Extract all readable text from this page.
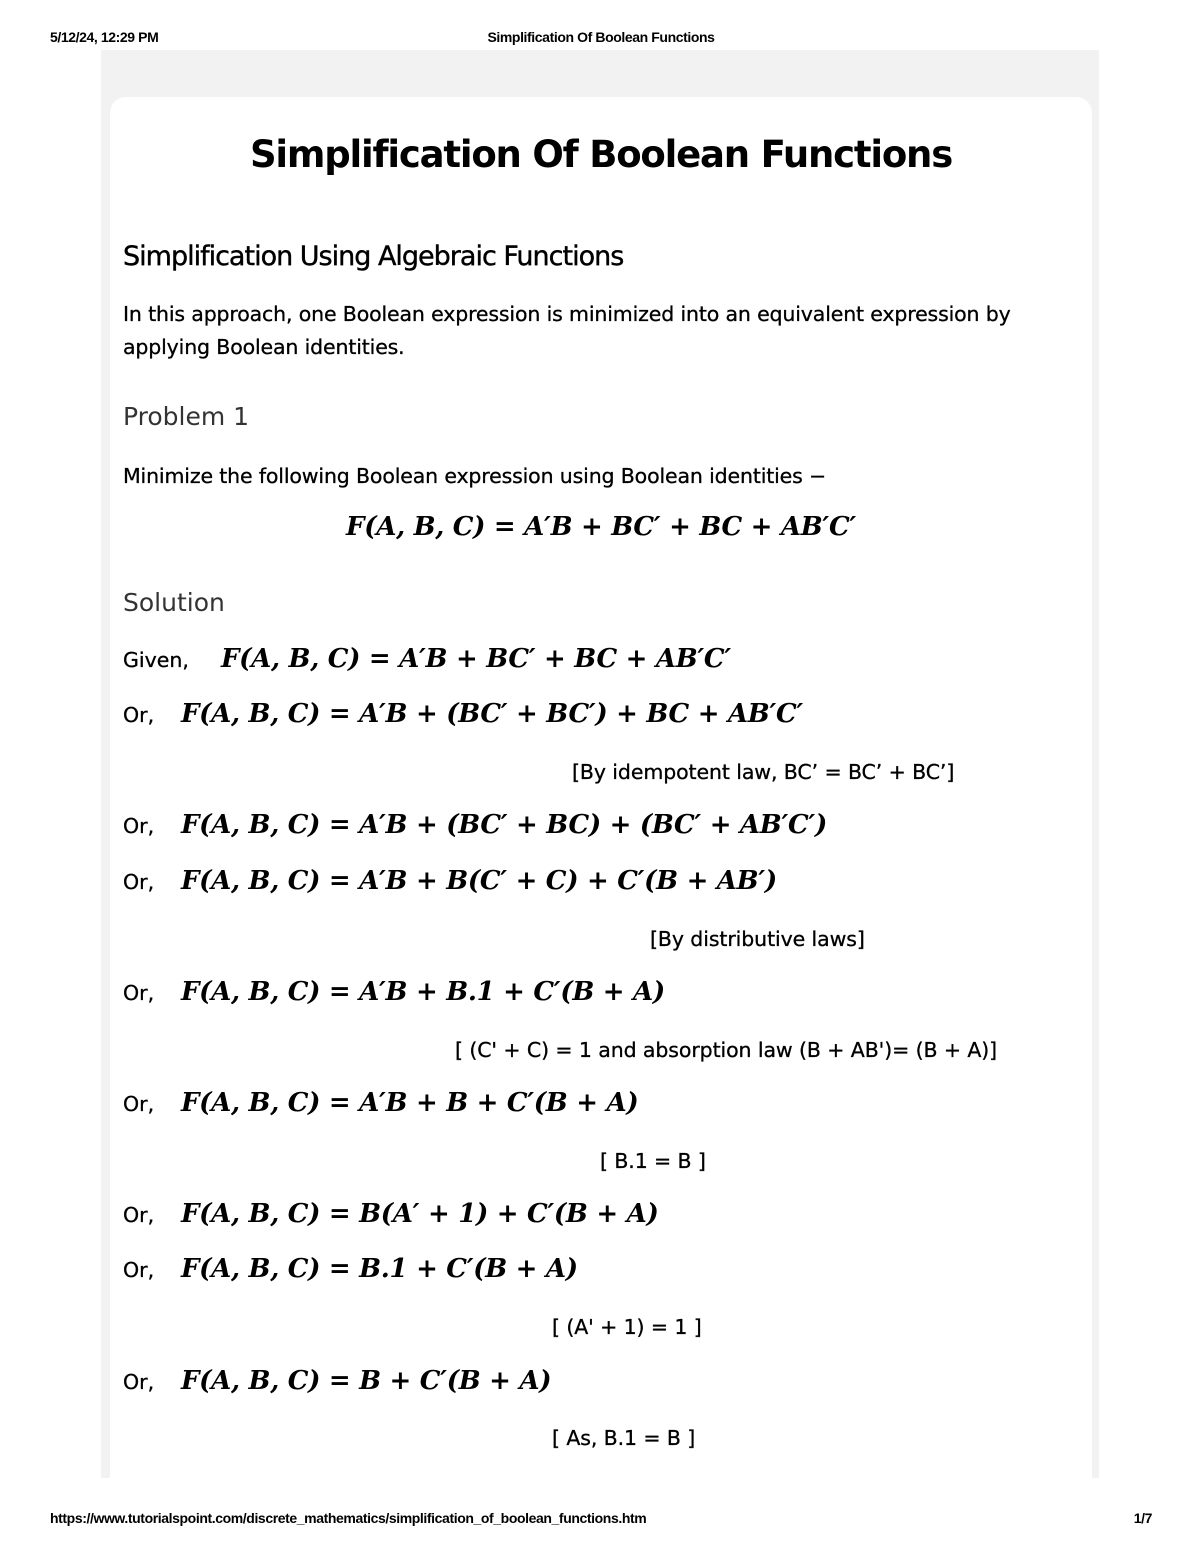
5/12/24, 12:29 PM	Simplification Of Boolean Functions
Simplification Of Boolean Functions
Simplification Using Algebraic Functions
In this approach, one Boolean expression is minimized into an equivalent expression by applying Boolean identities.
Problem 1
Minimize the following Boolean expression using Boolean identities −
F(A, B, C) = A′B + BC′ + BC + AB′C′
Solution
Given, F(A, B, C) = A′B + BC′ + BC + AB′C′
Or, F(A, B, C) = A′B + (BC′ + BC′) + BC + AB′C′
[By idempotent law, BC’ = BC’ + BC’]
Or, F(A, B, C) = A′B + (BC′ + BC) + (BC′ + AB′C′)
Or, F(A, B, C) = A′B + B(C′ + C) + C′(B + AB′)
[By distributive laws]
Or, F(A, B, C) = A′B + B.1 + C′(B + A)
[ (C' + C) = 1 and absorption law (B + AB')= (B + A)]
Or, F(A, B, C) = A′B + B + C′(B + A)
[ B.1 = B ]
Or, F(A, B, C) = B(A′ + 1) + C′(B + A)
Or, F(A, B, C) = B.1 + C′(B + A)
[ (A' + 1) = 1 ]
Or, F(A, B, C) = B + C′(B + A)
[ As, B.1 = B ]
https://www.tutorialspoint.com/discrete_mathematics/simplification_of_boolean_functions.htm	1/7
